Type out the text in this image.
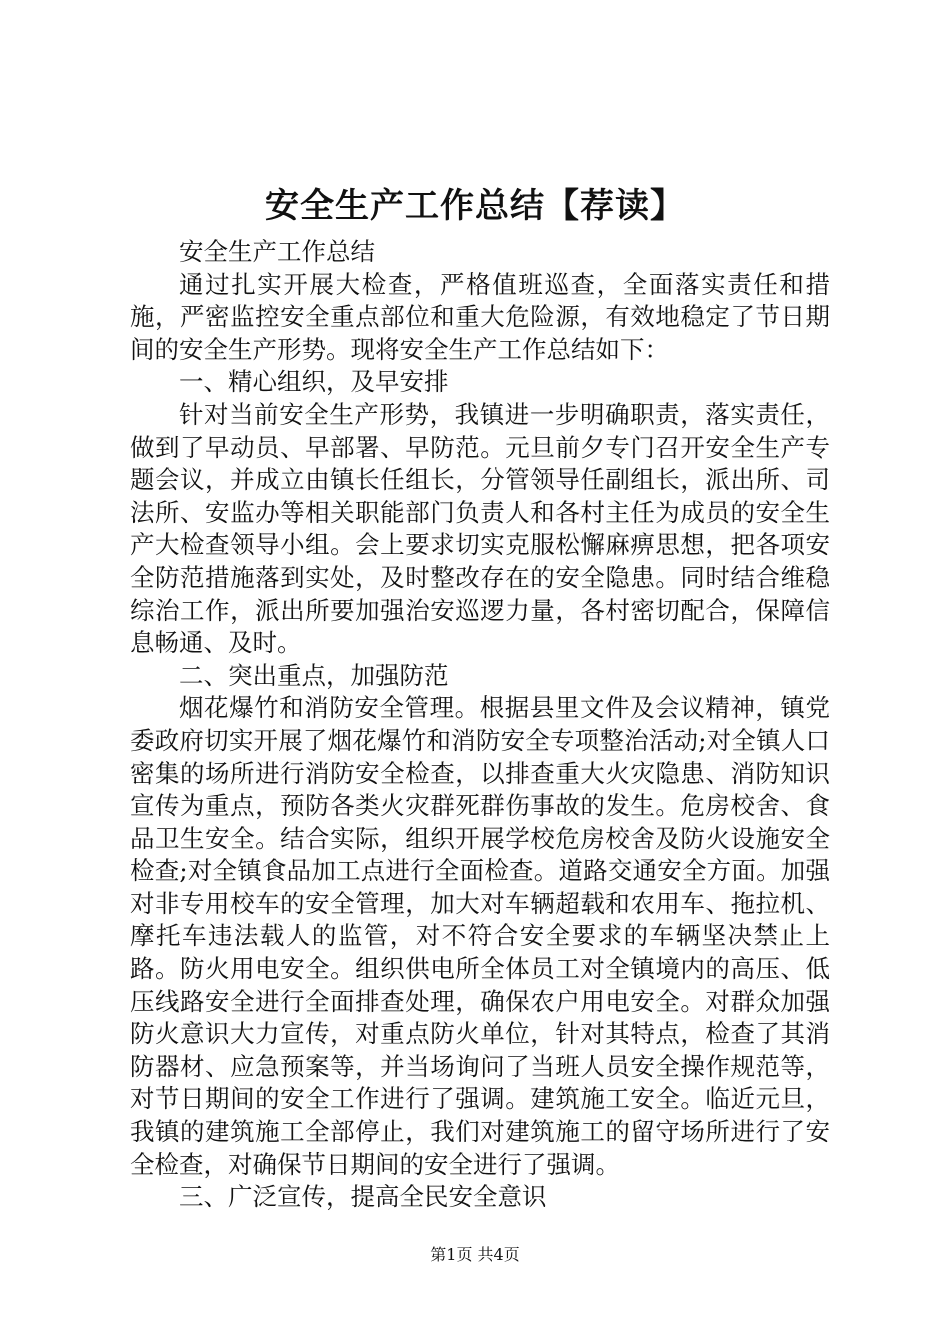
安全生产工作总结【荐读】

安全生产工作总结

通过扎实开展大检查，严格值班巡查，全面落实责任和措施，严密监控安全重点部位和重大危险源，有效地稳定了节日期间的安全生产形势。现将安全生产工作总结如下：

一、精心组织，及早安排

针对当前安全生产形势，我镇进一步明确职责，落实责任，做到了早动员、早部署、早防范。元旦前夕专门召开安全生产专题会议，并成立由镇长任组长，分管领导任副组长，派出所、司法所、安监办等相关职能部门负责人和各村主任为成员的安全生产大检查领导小组。会上要求切实克服松懈麻痹思想，把各项安全防范措施落到实处，及时整改存在的安全隐患。同时结合维稳综治工作，派出所要加强治安巡逻力量，各村密切配合，保障信息畅通、及时。

二、突出重点，加强防范

烟花爆竹和消防安全管理。根据县里文件及会议精神，镇党委政府切实开展了烟花爆竹和消防安全专项整治活动;对全镇人口密集的场所进行消防安全检查，以排查重大火灾隐患、消防知识宣传为重点，预防各类火灾群死群伤事故的发生。危房校舍、食品卫生安全。结合实际，组织开展学校危房校舍及防火设施安全检查;对全镇食品加工点进行全面检查。道路交通安全方面。加强对非专用校车的安全管理，加大对车辆超载和农用车、拖拉机、摩托车违法载人的监管，对不符合安全要求的车辆坚决禁止上路。防火用电安全。组织供电所全体员工对全镇境内的高压、低压线路安全进行全面排查处理，确保农户用电安全。对群众加强防火意识大力宣传，对重点防火单位，针对其特点，检查了其消防器材、应急预案等，并当场询问了当班人员安全操作规范等，对节日期间的安全工作进行了强调。建筑施工安全。临近元旦，我镇的建筑施工全部停止，我们对建筑施工的留守场所进行了安全检查，对确保节日期间的安全进行了强调。

三、广泛宣传，提高全民安全意识

第1页 共4页
